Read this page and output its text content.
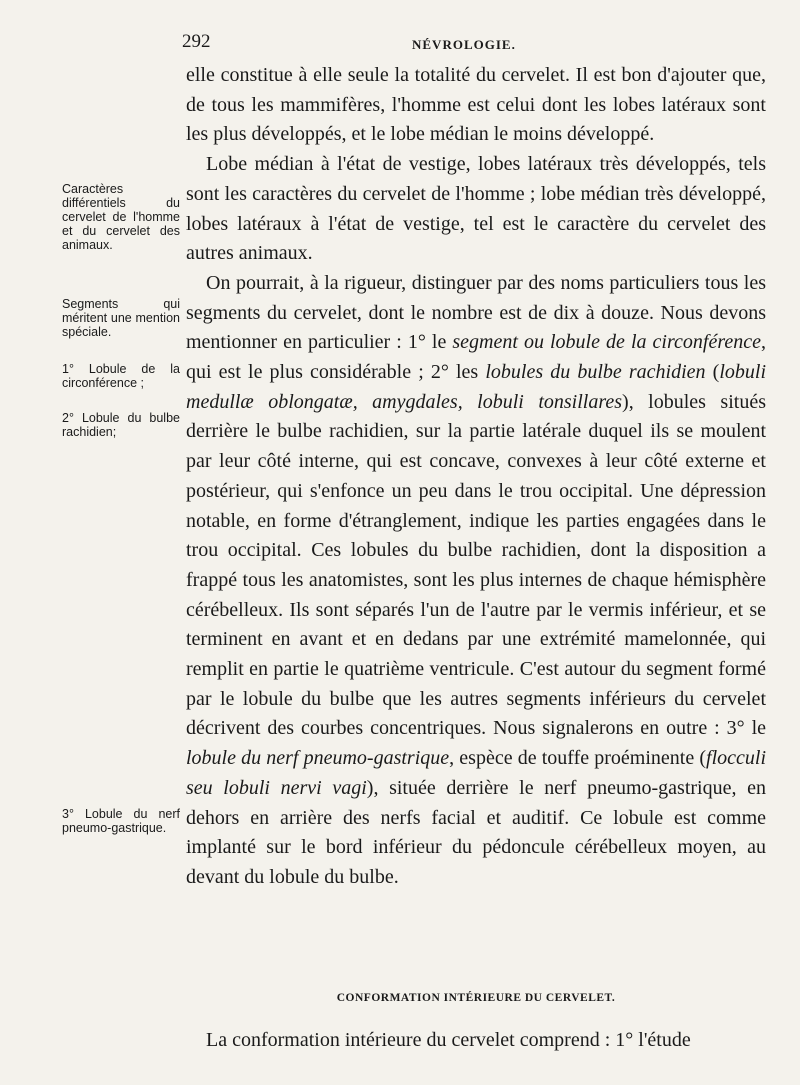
292	NÉVROLOGIE.
Caractères différentiels du cervelet de l'homme et du cervelet des animaux.
Segments qui méritent une mention spéciale.
1° Lobule de la circonférence ;
2° Lobule du bulbe rachidien;
3° Lobule du nerf pneumo-gastrique.

elle constitue à elle seule la totalité du cervelet. Il est bon d'ajouter que, de tous les mammifères, l'homme est celui dont les lobes latéraux sont les plus développés, et le lobe médian le moins développé.

Lobe médian à l'état de vestige, lobes latéraux très développés, tels sont les caractères du cervelet de l'homme ; lobe médian très développé, lobes latéraux à l'état de vestige, tel est le caractère du cervelet des autres animaux.

On pourrait, à la rigueur, distinguer par des noms particuliers tous les segments du cervelet, dont le nombre est de dix à douze. Nous devons mentionner en particulier : 1° le segment ou lobule de la circonférence, qui est le plus considérable ; 2° les lobules du bulbe rachidien (lobuli medullæ oblongatæ, amygdales, lobuli tonsillares), lobules situés derrière le bulbe rachidien, sur la partie latérale duquel ils se moulent par leur côté interne, qui est concave, convexes à leur côté externe et postérieur, qui s'enfonce un peu dans le trou occipital. Une dépression notable, en forme d'étranglement, indique les parties engagées dans le trou occipital. Ces lobules du bulbe rachidien, dont la disposition a frappé tous les anatomistes, sont les plus internes de chaque hémisphère cérébelleux. Ils sont séparés l'un de l'autre par le vermis inférieur, et se terminent en avant et en dedans par une extrémité mamelonnée, qui remplit en partie le quatrième ventricule. C'est autour du segment formé par le lobule du bulbe que les autres segments inférieurs du cervelet décrivent des courbes concentriques. Nous signalerons en outre : 3° le lobule du nerf pneumo-gastrique, espèce de touffe proéminente (flocculi seu lobuli nervi vagi), située derrière le nerf pneumo-gastrique, en dehors en arrière des nerfs facial et auditif. Ce lobule est comme implanté sur le bord inférieur du pédoncule cérébelleux moyen, au devant du lobule du bulbe.

CONFORMATION INTÉRIEURE DU CERVELET.
La conformation intérieure du cervelet comprend : 1° l'étude
